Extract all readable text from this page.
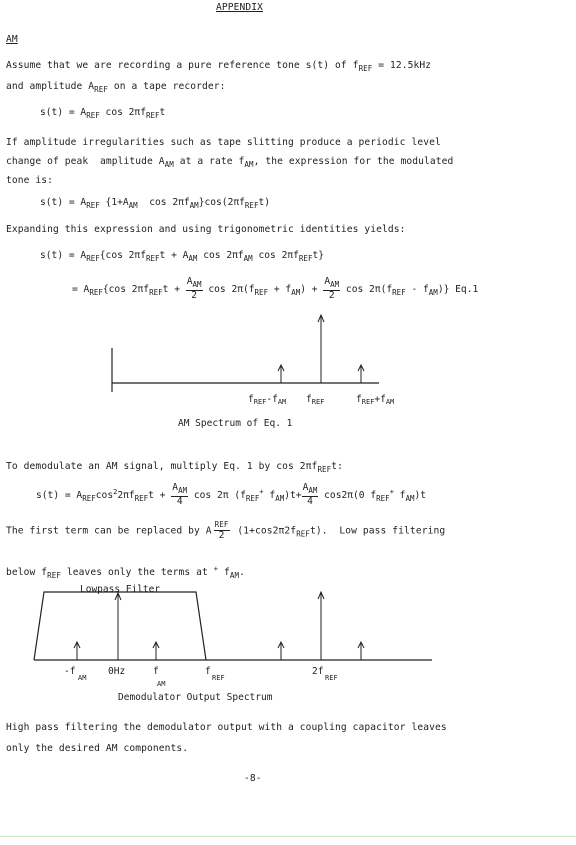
APPENDIX
AM
Assume that we are recording a pure reference tone s(t) of $f_{REF} = 12.5kHz$
and amplitude $A_{REF}$ on a tape recorder:
$s(t) = A_{REF}$ $\cos 2\pi f_{REF}t$
If amplitude irregularities such as tape slitting produce a periodic level
change of peak  amplitude $A_{AM}$ at a rate $f_{AM}$, the expression for the modulated
tone is:
$s(t) = A_{REF}$ {$1+A_{AM}$  $\cos 2\pi f_{AM}\}\cos(2\pi f_{REF}t)$
Expanding this expression and using trigonometric identities yields:
$s(t) = A_{REF}\{\cos$ $2\pi f_{REF}t + A_{AM}$ $\cos 2\pi f_{AM}$ $\cos 2\pi f_{REF}t$}
= $A_{REF}\{\cos$ $2\pi f_{REF}t + \frac{A_{AM}}{2}$ $\cos 2\pi(f_{REF} + f_{AM}) + \frac{A_{AM}}{2}$ $\cos 2\pi(f_{REF} - f_{AM})$} Eq.1
$f_{REF}-f_{AM}$ $f_{REF}$	$f_{REF}+f_{AM}$
AM Spectrum of Eq. 1
Lowpass Filter
-f
AM
0Hz	f
AM
f
REF
2f
REF
Demodulator Output Spectrum
To demodulate an AM signal, multiply Eq. 1 by $\cos 2\pi f_{REF}t$:
$s(t) = A_{REF}\cos^22\pi f_{REF}t + \frac{A_{AM}}{4}$ cos 2π ($f_{REF}^+$ $f_{AM})t+ \frac{A_{AM}}{4} \cos 2\pi(0$ $f_{REF}^+$ $f_{AM})t$
The first term can be replaced by A $\frac{\text{REF}}{2} (1+\cos 2\pi 2f_{REF}t)$.  Low pass filtering
below $f_{REF}$ leaves only the terms at + $f_{AM}$.
High pass filtering the demodulator output with a coupling capacitor leaves
only the desired AM components.
-8-
